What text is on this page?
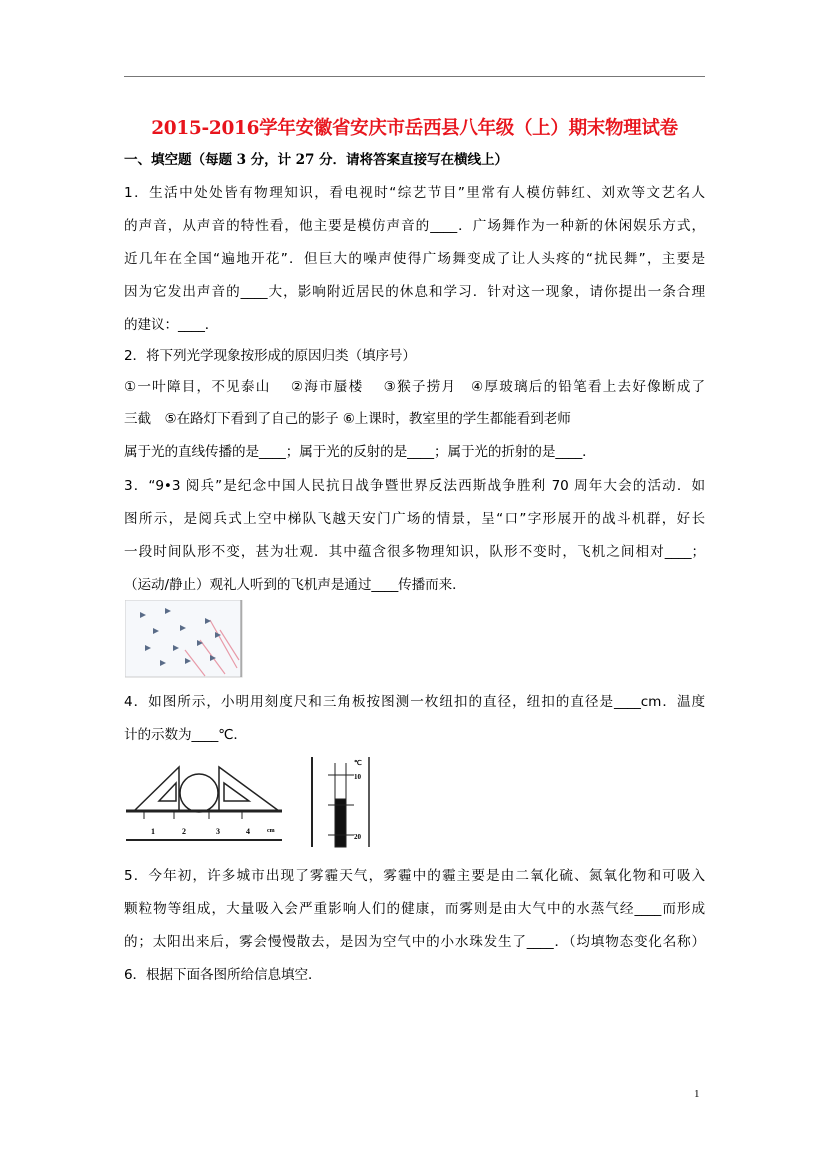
2015-2016学年安徽省安庆市岳西县八年级（上）期末物理试卷
一、填空题（每题 3 分，计 27 分．请将答案直接写在横线上）
1．生活中处处皆有物理知识，看电视时“综艺节目”里常有人模仿韩红、刘欢等文艺名人
的声音，从声音的特性看，他主要是模仿声音的____．广场舞作为一种新的休闲娱乐方式，
近几年在全国“遍地开花”．但巨大的噪声使得广场舞变成了让人头疼的“扰民舞”，主要是
因为它发出声音的____大，影响附近居民的休息和学习．针对这一现象，请你提出一条合理
的建议：____．
2．将下列光学现象按形成的原因归类（填序号）
①一叶障目，不见泰山　 ②海市蜃楼　 ③猴子捞月　④厚玻璃后的铅笔看上去好像断成了
三截　⑤在路灯下看到了自己的影子 ⑥上课时，教室里的学生都能看到老师
属于光的直线传播的是____；属于光的反射的是____；属于光的折射的是____．
3．“9•3 阅兵”是纪念中国人民抗日战争暨世界反法西斯战争胜利 70 周年大会的活动．如
图所示，是阅兵式上空中梯队飞越天安门广场的情景，呈“口”字形展开的战斗机群，好长
一段时间队形不变，甚为壮观．其中蕴含很多物理知识，队形不变时，飞机之间相对____；
（运动/静止）观礼人听到的飞机声是通过____传播而来．
4．如图所示，小明用刻度尺和三角板按图测一枚纽扣的直径，纽扣的直径是____cm．温度
计的示数为____℃．
1	2	3	4	cm
℃
10
20
5．今年初，许多城市出现了雾霾天气，雾霾中的霾主要是由二氧化硫、氮氧化物和可吸入
颗粒物等组成，大量吸入会严重影响人们的健康，而雾则是由大气中的水蒸气经____而形成
的；太阳出来后，雾会慢慢散去，是因为空气中的小水珠发生了____．（均填物态变化名称）
6．根据下面各图所给信息填空．
1
